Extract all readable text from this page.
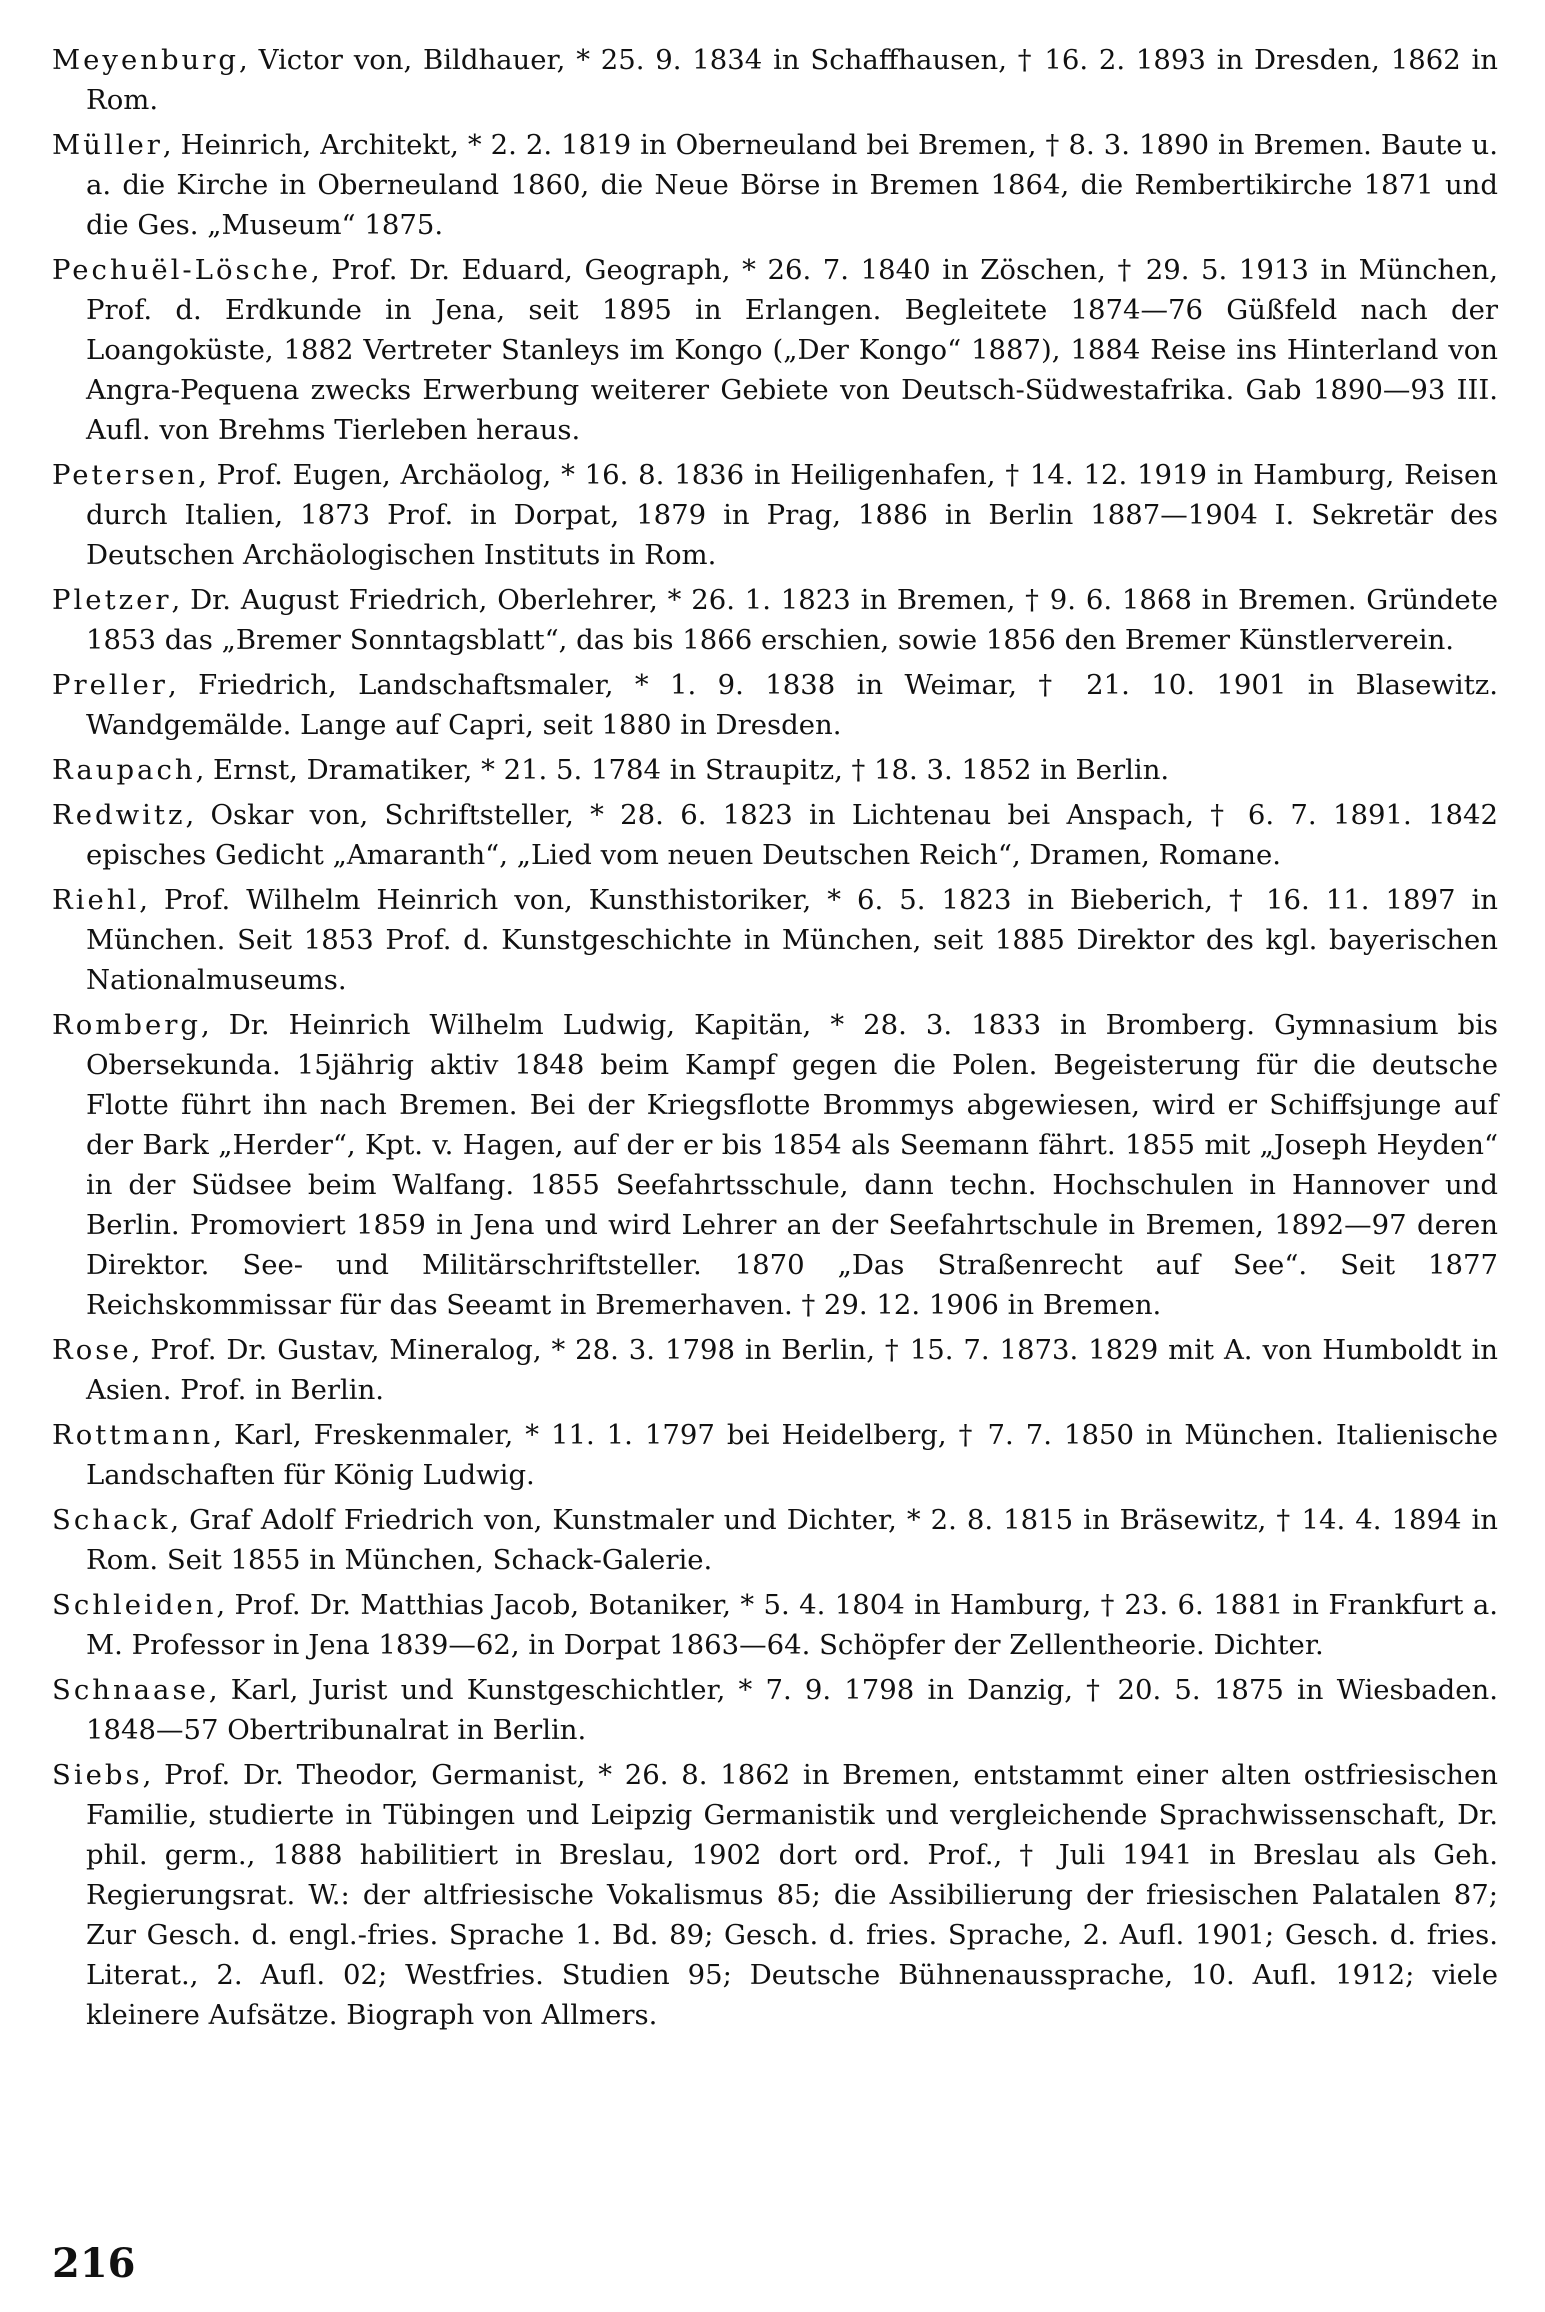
Meyenburg, Victor von, Bildhauer, * 25. 9. 1834 in Schaffhausen, † 16. 2. 1893 in Dresden, 1862 in Rom.

Müller, Heinrich, Architekt, * 2. 2. 1819 in Oberneuland bei Bremen, † 8. 3. 1890 in Bremen. Baute u. a. die Kirche in Oberneuland 1860, die Neue Börse in Bremen 1864, die Rembertikirche 1871 und die Ges. „Museum“ 1875.

Pechuël-Lösche, Prof. Dr. Eduard, Geograph, * 26. 7. 1840 in Zöschen, † 29. 5. 1913 in München, Prof. d. Erdkunde in Jena, seit 1895 in Erlangen. Begleitete 1874—76 Güßfeld nach der Loangoküste, 1882 Vertreter Stanleys im Kongo („Der Kongo“ 1887), 1884 Reise ins Hinterland von Angra-Pequena zwecks Erwerbung weiterer Gebiete von Deutsch-Südwestafrika. Gab 1890—93 III. Aufl. von Brehms Tierleben heraus.

Petersen, Prof. Eugen, Archäolog, * 16. 8. 1836 in Heiligenhafen, † 14. 12. 1919 in Hamburg, Reisen durch Italien, 1873 Prof. in Dorpat, 1879 in Prag, 1886 in Berlin 1887—1904 I. Sekretär des Deutschen Archäologischen Instituts in Rom.

Pletzer, Dr. August Friedrich, Oberlehrer, * 26. 1. 1823 in Bremen, † 9. 6. 1868 in Bremen. Gründete 1853 das „Bremer Sonntagsblatt“, das bis 1866 erschien, sowie 1856 den Bremer Künstlerverein.

Preller, Friedrich, Landschaftsmaler, * 1. 9. 1838 in Weimar, † 21. 10. 1901 in Blasewitz. Wandgemälde. Lange auf Capri, seit 1880 in Dresden.

Raupach, Ernst, Dramatiker, * 21. 5. 1784 in Straupitz, † 18. 3. 1852 in Berlin.

Redwitz, Oskar von, Schriftsteller, * 28. 6. 1823 in Lichtenau bei Anspach, † 6. 7. 1891. 1842 episches Gedicht „Amaranth“, „Lied vom neuen Deutschen Reich“, Dramen, Romane.

Riehl, Prof. Wilhelm Heinrich von, Kunsthistoriker, * 6. 5. 1823 in Bieberich, † 16. 11. 1897 in München. Seit 1853 Prof. d. Kunstgeschichte in München, seit 1885 Direktor des kgl. bayerischen Nationalmuseums.

Romberg, Dr. Heinrich Wilhelm Ludwig, Kapitän, * 28. 3. 1833 in Bromberg. Gymnasium bis Obersekunda. 15jährig aktiv 1848 beim Kampf gegen die Polen. Begeisterung für die deutsche Flotte führt ihn nach Bremen. Bei der Kriegsflotte Brommys abgewiesen, wird er Schiffsjunge auf der Bark „Herder“, Kpt. v. Hagen, auf der er bis 1854 als Seemann fährt. 1855 mit „Joseph Heyden“ in der Südsee beim Walfang. 1855 Seefahrtsschule, dann techn. Hochschulen in Hannover und Berlin. Promoviert 1859 in Jena und wird Lehrer an der Seefahrtschule in Bremen, 1892—97 deren Direktor. See- und Militärschriftsteller. 1870 „Das Straßenrecht auf See“. Seit 1877 Reichskommissar für das Seeamt in Bremerhaven. † 29. 12. 1906 in Bremen.

Rose, Prof. Dr. Gustav, Mineralog, * 28. 3. 1798 in Berlin, † 15. 7. 1873. 1829 mit A. von Humboldt in Asien. Prof. in Berlin.

Rottmann, Karl, Freskenmaler, * 11. 1. 1797 bei Heidelberg, † 7. 7. 1850 in München. Italienische Landschaften für König Ludwig.

Schack, Graf Adolf Friedrich von, Kunstmaler und Dichter, * 2. 8. 1815 in Bräsewitz, † 14. 4. 1894 in Rom. Seit 1855 in München, Schack-Galerie.

Schleiden, Prof. Dr. Matthias Jacob, Botaniker, * 5. 4. 1804 in Hamburg, † 23. 6. 1881 in Frankfurt a. M. Professor in Jena 1839—62, in Dorpat 1863—64. Schöpfer der Zellentheorie. Dichter.

Schnaase, Karl, Jurist und Kunstgeschichtler, * 7. 9. 1798 in Danzig, † 20. 5. 1875 in Wiesbaden. 1848—57 Obertribunalrat in Berlin.

Siebs, Prof. Dr. Theodor, Germanist, * 26. 8. 1862 in Bremen, entstammt einer alten ostfriesischen Familie, studierte in Tübingen und Leipzig Germanistik und vergleichende Sprachwissenschaft, Dr. phil. germ., 1888 habilitiert in Breslau, 1902 dort ord. Prof., † Juli 1941 in Breslau als Geh. Regierungsrat. W.: der altfriesische Vokalismus 85; die Assibilierung der friesischen Palatalen 87; Zur Gesch. d. engl.-fries. Sprache 1. Bd. 89; Gesch. d. fries. Sprache, 2. Aufl. 1901; Gesch. d. fries. Literat., 2. Aufl. 02; Westfries. Studien 95; Deutsche Bühnenaussprache, 10. Aufl. 1912; viele kleinere Aufsätze. Biograph von Allmers.

216
